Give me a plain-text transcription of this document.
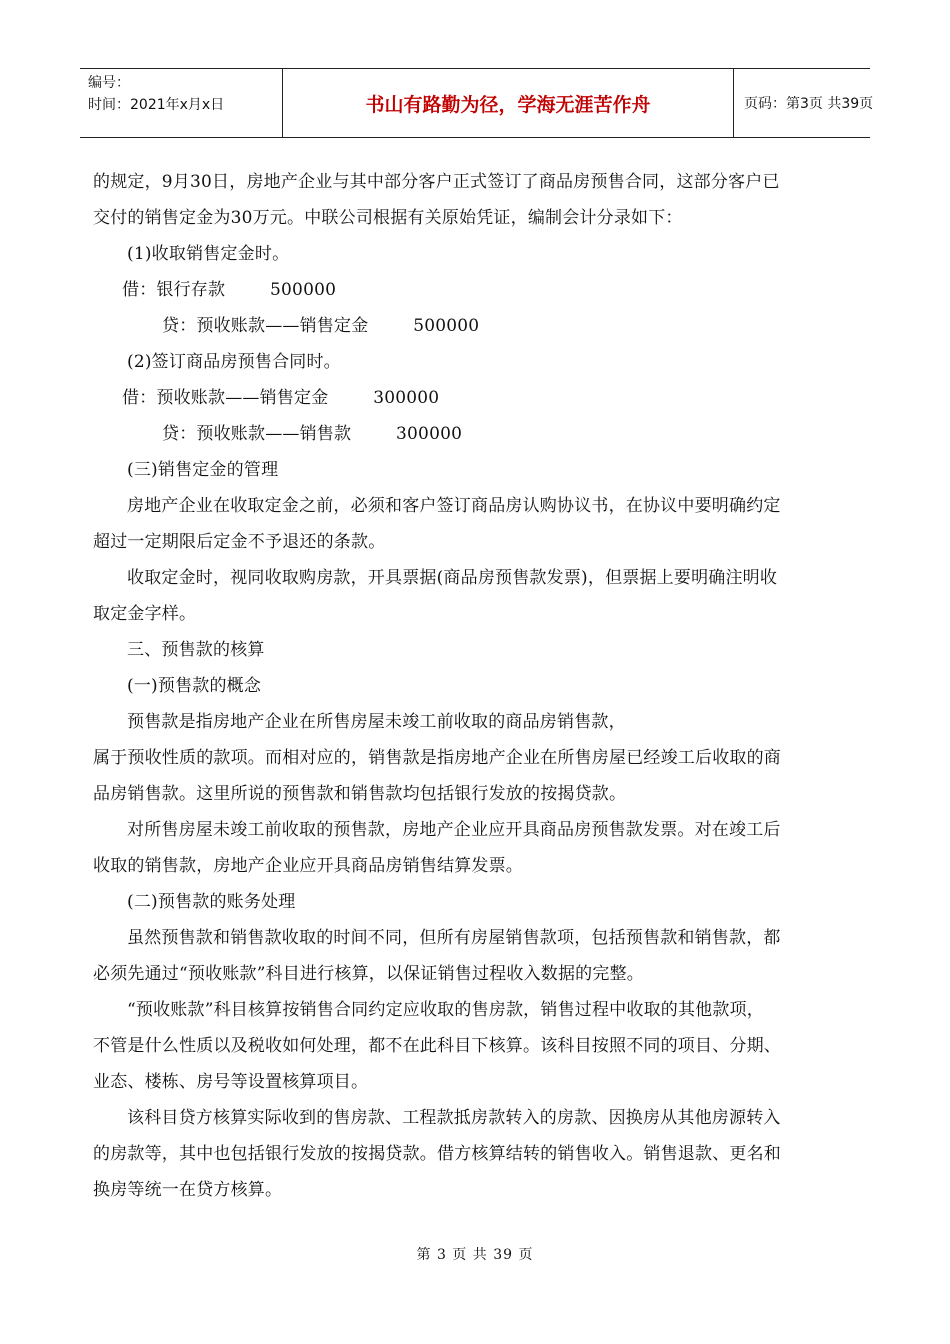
编号：
时间：2021年x月x日	书山有路勤为径，学海无涯苦作舟	页码：第3页 共39页
的规定，9月30日，房地产企业与其中部分客户正式签订了商品房预售合同，这部分客户已
交付的销售定金为30万元。中联公司根据有关原始凭证，编制会计分录如下：
(1)收取销售定金时。
借：银行存款        500000
贷：预收账款——销售定金        500000
(2)签订商品房预售合同时。
借：预收账款——销售定金        300000
贷：预收账款——销售款        300000
(三)销售定金的管理
房地产企业在收取定金之前，必须和客户签订商品房认购协议书，在协议中要明确约定
超过一定期限后定金不予退还的条款。
收取定金时，视同收取购房款，开具票据(商品房预售款发票)，但票据上要明确注明收
取定金字样。
三、预售款的核算
(一)预售款的概念
预售款是指房地产企业在所售房屋未竣工前收取的商品房销售款，
属于预收性质的款项。而相对应的，销售款是指房地产企业在所售房屋已经竣工后收取的商
品房销售款。这里所说的预售款和销售款均包括银行发放的按揭贷款。
对所售房屋未竣工前收取的预售款，房地产企业应开具商品房预售款发票。对在竣工后
收取的销售款，房地产企业应开具商品房销售结算发票。
(二)预售款的账务处理
虽然预售款和销售款收取的时间不同，但所有房屋销售款项，包括预售款和销售款，都
必须先通过“预收账款”科目进行核算，以保证销售过程收入数据的完整。
“预收账款”科目核算按销售合同约定应收取的售房款，销售过程中收取的其他款项，
不管是什么性质以及税收如何处理，都不在此科目下核算。该科目按照不同的项目、分期、
业态、楼栋、房号等设置核算项目。
该科目贷方核算实际收到的售房款、工程款抵房款转入的房款、因换房从其他房源转入
的房款等，其中也包括银行发放的按揭贷款。借方核算结转的销售收入。销售退款、更名和
换房等统一在贷方核算。
第 3 页 共 39 页
